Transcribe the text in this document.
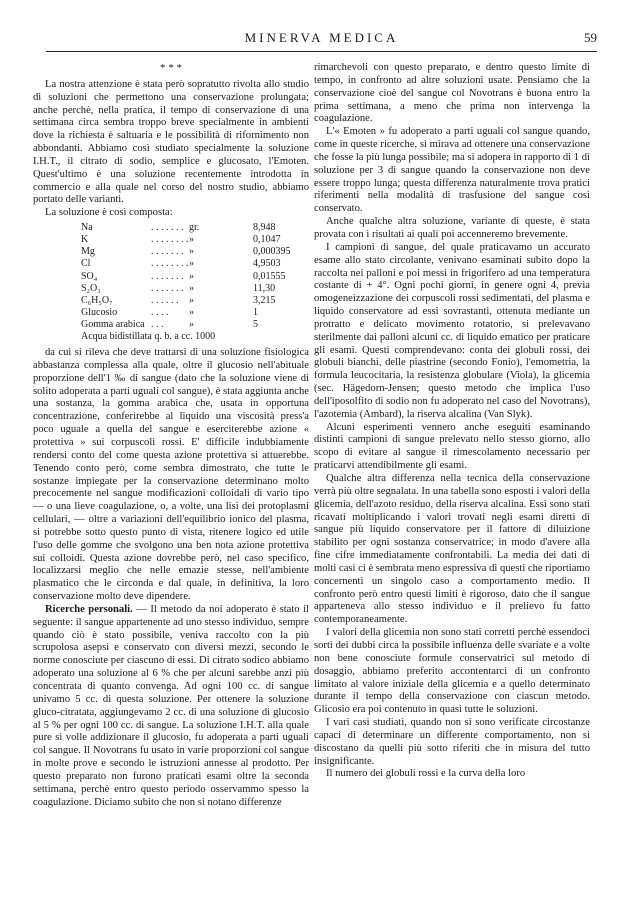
MINERVA MEDICA	59
* * *

La nostra attenzione è stata però sopratutto rivolta allo studio di soluzioni che permettono una conservazione prolungata; anche perchè, nella pratica, il tempo di conservazione di una settimana circa sembra troppo breve specialmente in ambienti dove la richiesta è saltuaria e le possibilità di rifornimento non abbondanti. Abbiamo così studiato specialmente la soluzione I.H.T., il citrato di sodio, semplice e glucosato, l'Emoten. Quest'ultimo è una soluzione recentemente introdotta in commercio e alla quale nel corso del nostro studio, abbiamo portato delle varianti.

La soluzione è così composta:

Na	. . . . . . .	gr.	8,948
K	. . . . . . . .	»	0,1047
Mg	. . . . . . .	»	0,000395
Cl	. . . . . . . .	»	4,9503
SO₄	. . . . . . .	»	0,01555
S₂O₃	. . . . . . .	»	11,30
C₆H₅O₇	. . . . . .	»	3,215
Glucosio	. . . .	»	1
Gomma arabica	. . .	»	5
Acqua bidistillata q. b. a cc. 1000			

da cui si rileva che deve trattarsi di una soluzione fisiologica abbastanza complessa alla quale, oltre il glucosio nell'abituale proporzione dell'1 ‰ di sangue (dato che la soluzione viene di solito adoperata a parti uguali col sangue), è stata aggiunta anche una sostanza, la gomma arabica che, usata in opportuna concentrazione, conferirebbe al liquido una viscosità press'a poco uguale a quella del sangue e eserciterebbe azione « protettiva » sui corpuscoli rossi. E' difficile indubbiamente rendersi conto del come questa azione protettiva si attuerebbe. Tenendo conto però, come sembra dimostrato, che tutte le sostanze impiegate per la conservazione determinano molto precocemente nel sangue modificazioni colloidali di vario tipo — o una lieve coagulazione, o, a volte, una lisi dei protoplasmi cellulari, — oltre a variazioni dell'equilibrio ionico del plasma, si potrebbe sotto questo punto di vista, ritenere logico ed utile l'uso delle gomme che svolgono una ben nota azione protettiva sui colloidi. Questa azione dovrebbe però, nel caso specifico, localizzarsi meglio che nelle emazie stesse, nell'ambiente plasmatico che le circonda e dal quale, in definitiva, la loro conservazione molto deve dipendere.

Ricerche personali. — Il metodo da noi adoperato è stato il seguente: il sangue appartenente ad uno stesso individuo, sempre quando ciò è stato possibile, veniva raccolto con la più scrupolosa asepsi e conservato con diversi mezzi, secondo le norme conosciute per ciascuno di essi. Di citrato sodico abbiamo adoperato una soluzione al 6 % che per alcuni sarebbe anzi più concentrata di quanto convenga. Ad ogni 100 cc. di sangue univamo 5 cc. di questa soluzione. Per ottenere la soluzione gluco-citratata, aggiungevamo 2 cc. di una soluzione di glucosio al 5 % per ogni 100 cc. di sangue. La soluzione I.H.T. alla quale pure si volle addizionare il glucosio, fu adoperata a parti uguali col sangue. Il Novotrans fu usato in varie proporzioni col sangue in molte prove e secondo le istruzioni annesse al prodotto. Per questo preparato non furono praticati esami oltre la seconda settimana, perchè entro questo periodo osservammo spesso la coagulazione. Diciamo subito che non si notano differenze

rimarchevoli con questo preparato, e dentro questo limite di tempo, in confronto ad altre soluzioni usate. Pensiamo che la conservazione cioè del sangue col Novotrans è buona entro la prima settimana, a meno che prima non intervenga la coagulazione.

L'« Emoten » fu adoperato a parti uguali col sangue quando, come in queste ricerche, si mirava ad ottenere una conservazione che fosse la più lunga possibile; ma si adopera in rapporto di 1 di soluzione per 3 di sangue quando la conservazione non deve essere troppo lunga; questa differenza naturalmente trova pratici riferimenti nella modalità di trasfusione del sangue così conservato.

Anche qualche altra soluzione, variante di queste, è stata provata con i risultati ai quali poi accenneremo brevemente.

I campioni di sangue, del quale praticavamo un accurato esame allo stato circolante, venivano esaminati subito dopo la raccolta nei palloni e poi messi in frigorifero ad una temperatura costante di + 4°. Ogni pochi giorni, in genere ogni 4, previa omogeneizzazione dei corpuscoli rossi sedimentati, del plasma e liquido conservatore ad essi sovrastanti, ottenuta mediante un protratto e delicato movimento rotatorio, si prelevavano sterilmente dai palloni alcuni cc. di liquido ematico per praticare gli esami. Questi comprendevano: conta dei globuli rossi, dei globuli bianchi, delle piastrine (secondo Fonio), l'emometria, la formula leucocitaria, la resistenza globulare (Viola), la glicemia (sec. Hägedorn-Jensen; questo metodo che implica l'uso dell'iposolfito di sodio non fu adoperato nel caso del Novotrans), l'azotemia (Ambard), la riserva alcalina (Van Slyk).

Alcuni esperimenti vennero anche eseguiti esaminando distinti campioni di sangue prelevato nello stesso giorno, allo scopo di evitare al sangue il rimescolamento necessario per praticarvi attendibilmente gli esami.

Qualche altra differenza nella tecnica della conservazione verrà più oltre segnalata. In una tabella sono esposti i valori della glicemia, dell'azoto residuo, della riserva alcalina. Essi sono stati ricavati moltiplicando i valori trovati negli esami diretti di sangue più liquido conservatore per il fattore di diluizione stabilito per ogni sostanza conservatrice; in modo d'avere alla fine cifre immediatamente confrontabili. La media dei dati di molti casi ci è sembrata meno espressiva di questi che riportiamo concernenti un singolo caso a comportamento medio. Il confronto però entro questi limiti è rigoroso, dato che il sangue apparteneva allo stesso individuo e il prelievo fu fatto contemporaneamente.

I valori della glicemia non sono stati corretti perchè essendoci sorti dei dubbi circa la possibile influenza delle svariate e a volte non bene conosciute formule conservatrici sul metodo di dosaggio, abbiamo preferito accontentarci di un confronto limitato al valore iniziale della glicemia e a quello determinato durante il tempo della conservazione con ciascun metodo. Glicosio era poi contenuto in quasi tutte le soluzioni.

I vari casi studiati, quando non si sono verificate circostanze capaci di determinare un differente comportamento, non si discostano da quelli più sotto riferiti che in misura del tutto insignificante.

Il numero dei globuli rossi e la curva della loro
